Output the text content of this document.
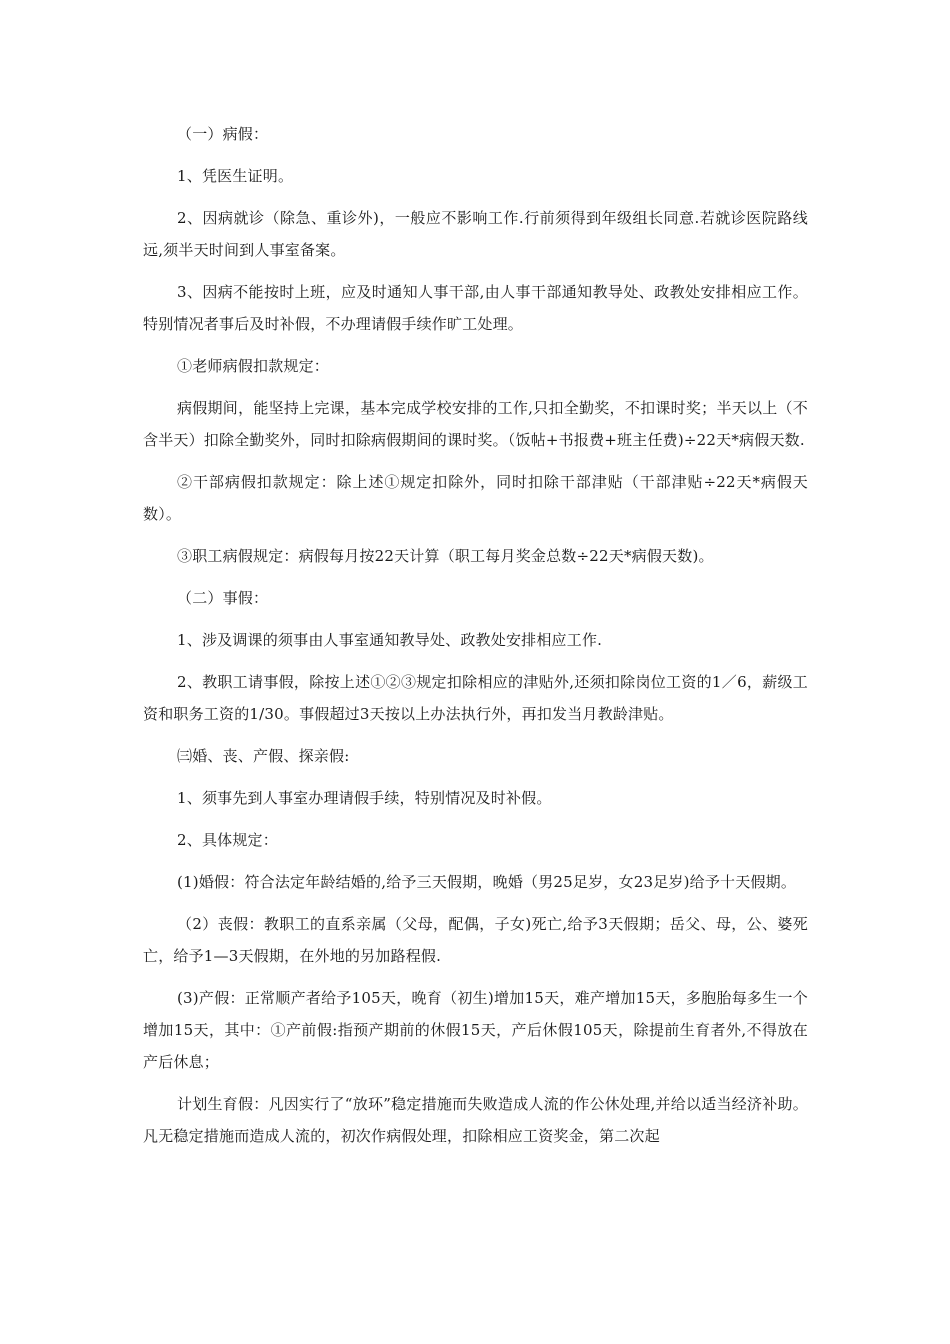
（一）病假：

1、凭医生证明。

2、因病就诊（除急、重诊外)，一般应不影响工作.行前须得到年级组长同意.若就诊医院路线远,须半天时间到人事室备案。

3、因病不能按时上班，应及时通知人事干部,由人事干部通知教导处、政教处安排相应工作。特别情况者事后及时补假，不办理请假手续作旷工处理。

①老师病假扣款规定：

病假期间，能坚持上完课，基本完成学校安排的工作,只扣全勤奖，不扣课时奖；半天以上（不含半天）扣除全勤奖外，同时扣除病假期间的课时奖。（饭帖+书报费+班主任费)÷22天*病假天数.

②干部病假扣款规定：除上述①规定扣除外，同时扣除干部津贴（干部津贴÷22天*病假天数）。

③职工病假规定：病假每月按22天计算（职工每月奖金总数÷22天*病假天数)。

（二）事假：

1、涉及调课的须事由人事室通知教导处、政教处安排相应工作.

2、教职工请事假，除按上述①②③规定扣除相应的津贴外,还须扣除岗位工资的1／6，薪级工资和职务工资的1/30。事假超过3天按以上办法执行外，再扣发当月教龄津贴。

㈢婚、丧、产假、探亲假:

1、须事先到人事室办理请假手续，特别情况及时补假。

2、具体规定：

(1)婚假：符合法定年龄结婚的,给予三天假期，晚婚（男25足岁，女23足岁)给予十天假期。

（2）丧假：教职工的直系亲属（父母，配偶，子女)死亡,给予3天假期；岳父、母，公、婆死亡，给予1—3天假期，在外地的另加路程假.

(3)产假：正常顺产者给予105天，晚育（初生)增加15天，难产增加15天，多胞胎每多生一个增加15天，其中：①产前假:指预产期前的休假15天，产后休假105天，除提前生育者外,不得放在产后休息；

计划生育假：凡因实行了“放环”稳定措施而失败造成人流的作公休处理,并给以适当经济补助。凡无稳定措施而造成人流的，初次作病假处理，扣除相应工资奖金，第二次起
